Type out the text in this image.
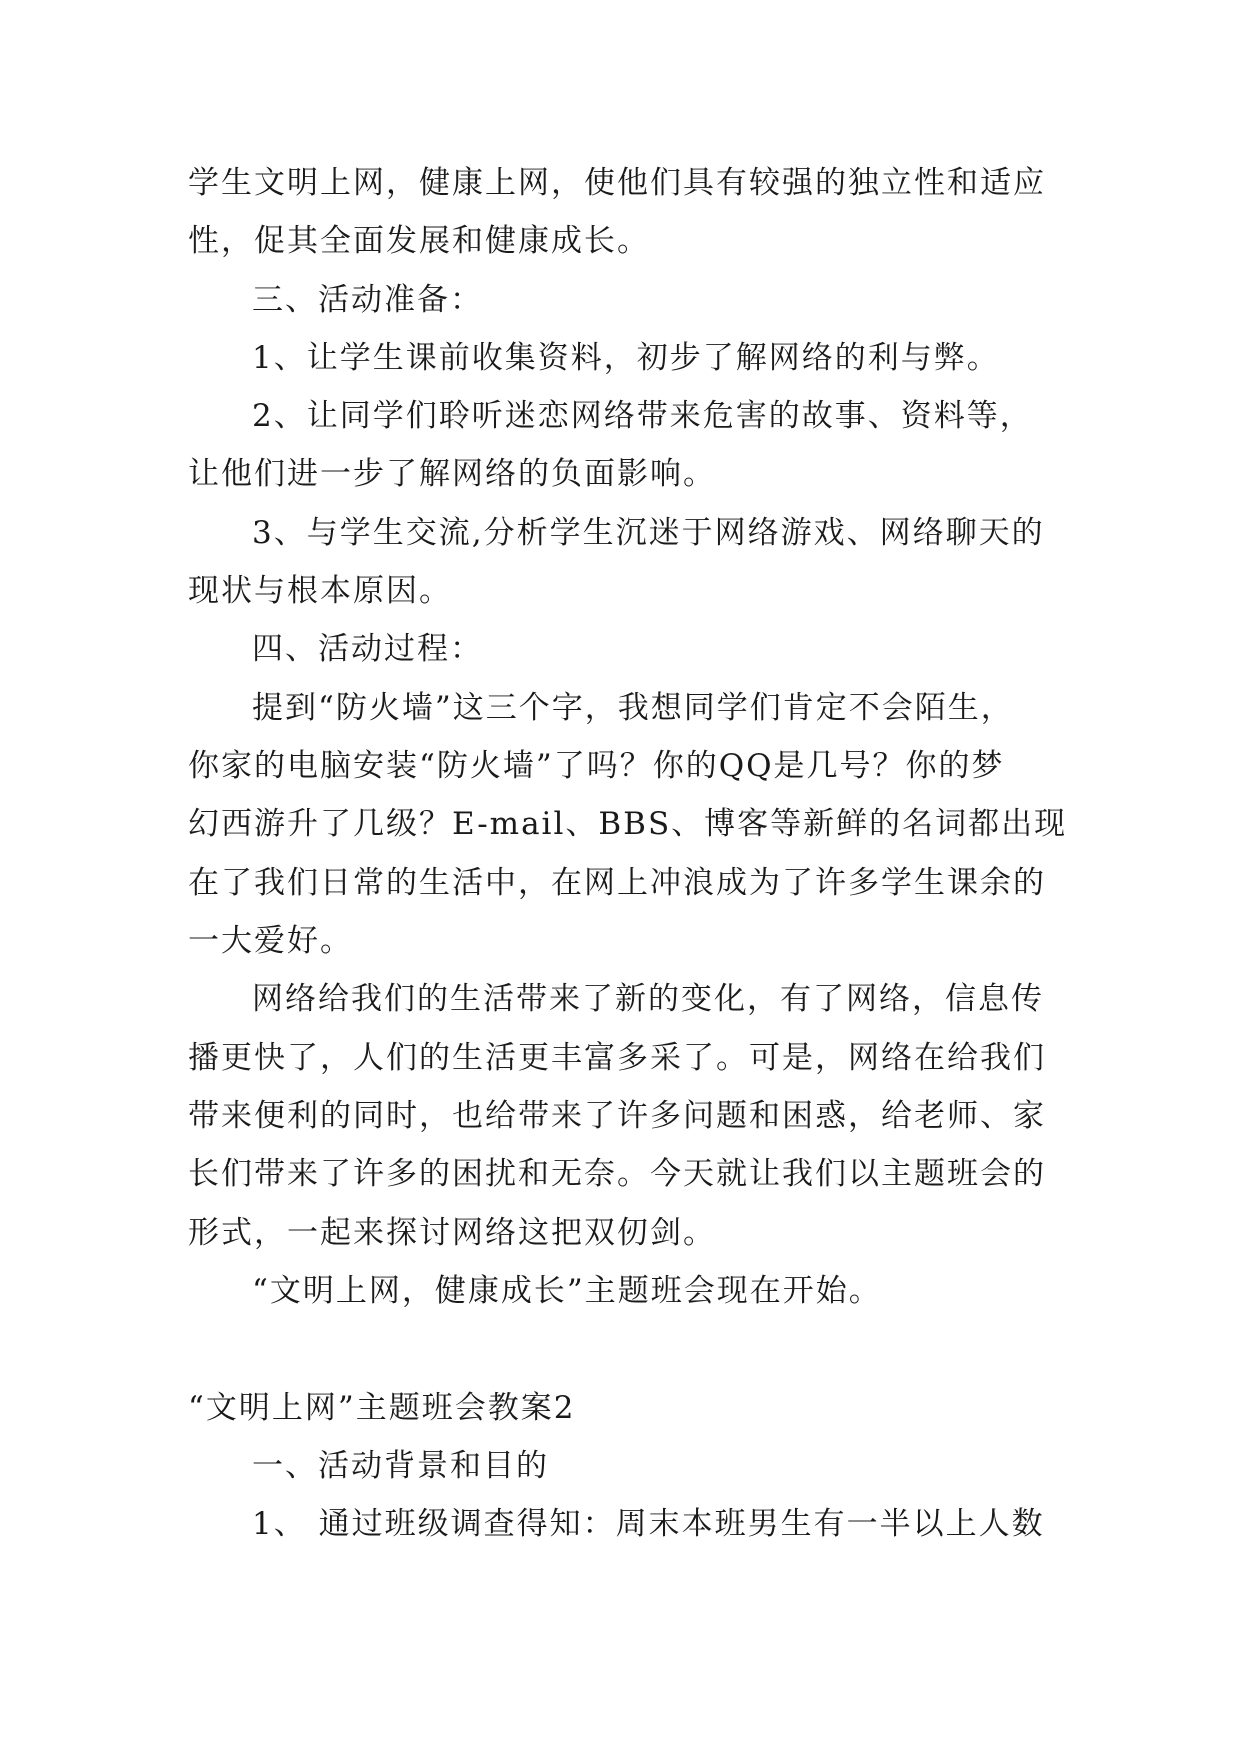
学生文明上网，健康上网，使他们具有较强的独立性和适应
性，促其全面发展和健康成长。
三、活动准备：
1、让学生课前收集资料，初步了解网络的利与弊。
2、让同学们聆听迷恋网络带来危害的故事、资料等，
让他们进一步了解网络的负面影响。
3、与学生交流,分析学生沉迷于网络游戏、网络聊天的
现状与根本原因。
四、活动过程：
提到“防火墙”这三个字，我想同学们肯定不会陌生，
你家的电脑安装“防火墙”了吗？你的QQ是几号？你的梦
幻西游升了几级？E-mail、BBS、博客等新鲜的名词都出现
在了我们日常的生活中，在网上冲浪成为了许多学生课余的
一大爱好。
网络给我们的生活带来了新的变化，有了网络，信息传
播更快了，人们的生活更丰富多采了。可是，网络在给我们
带来便利的同时，也给带来了许多问题和困惑，给老师、家
长们带来了许多的困扰和无奈。今天就让我们以主题班会的
形式，一起来探讨网络这把双仞剑。
“文明上网，健康成长”主题班会现在开始。
“文明上网”主题班会教案2
一、活动背景和目的
1、 通过班级调查得知：周末本班男生有一半以上人数
